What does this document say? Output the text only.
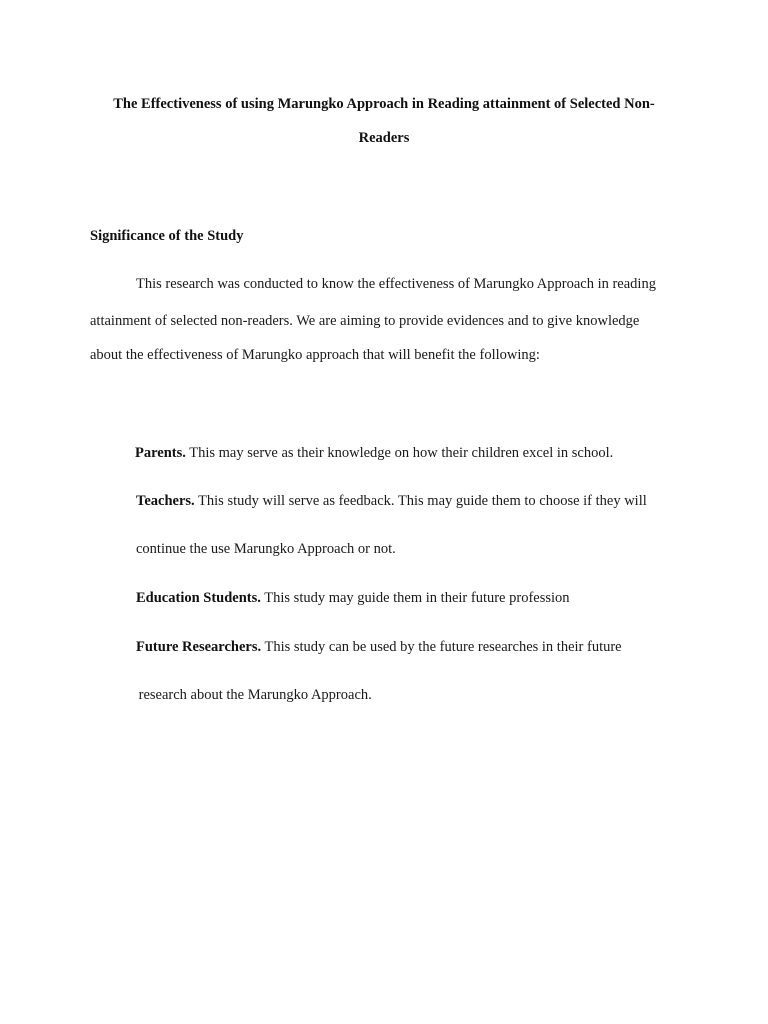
The Effectiveness of using Marungko Approach in Reading attainment of Selected Non-
Readers
Significance of the Study
This research was conducted to know the effectiveness of Marungko Approach in reading
attainment of selected non-readers. We are aiming to provide evidences and to give knowledge
about the effectiveness of Marungko approach that will benefit the following:
Parents. This may serve as their knowledge on how their children excel in school.
Teachers. This study will serve as feedback. This may guide them to choose if they will
continue the use Marungko Approach or not.
Education Students. This study may guide them in their future profession
Future Researchers. This study can be used by the future researches in their future
research about the Marungko Approach.
